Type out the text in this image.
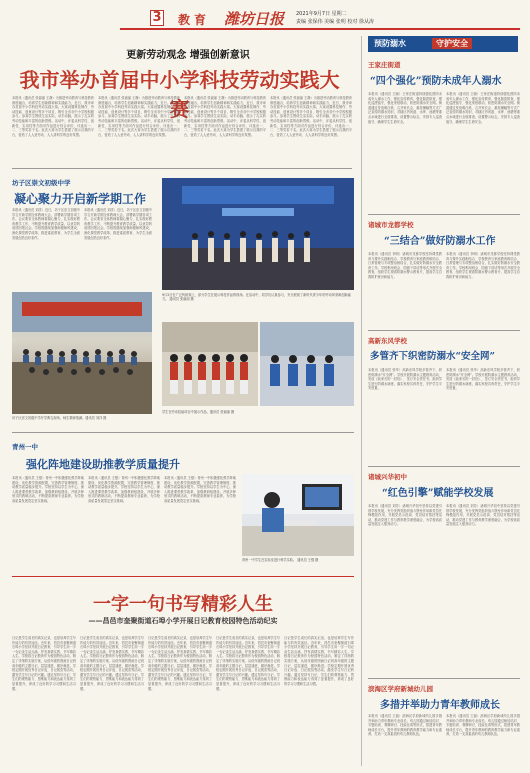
3 教育 潍坊日报 2021年9月7日 星期二
责编 张保伟 美编 张明 校对 徐从涛
更新劳动观念 增强创新意识
我市举办首届中小学科技劳动实践大赛
本报讯（通讯员 张丽丽 王静）为推进劳动教育与科技教育深度融合，培养学生创新精神和实践能力，近日，我市举办首届中小学科技劳动实践大赛。大赛设置科技制作、劳动技能、创意设计等多个项目，吸引全市各中小学校积极参与。参赛学生围绕生活实际，动手动脑，展示了扎实的劳动技能和丰富的创新思维。活动中，评委从科学性、创新性、实用性等方面对作品进行综合评价，评选出一、二、三等奖若干名。此次大赛为学生搭建了展示自我的平台，营造了人人爱劳动、人人讲科学的良好氛围。
本报讯（通讯员 张丽丽 王静）为推进劳动教育与科技教育深度融合，培养学生创新精神和实践能力，近日，我市举办首届中小学科技劳动实践大赛。大赛设置科技制作、劳动技能、创意设计等多个项目，吸引全市各中小学校积极参与。参赛学生围绕生活实际，动手动脑，展示了扎实的劳动技能和丰富的创新思维。活动中，评委从科学性、创新性、实用性等方面对作品进行综合评价，评选出一、二、三等奖若干名。此次大赛为学生搭建了展示自我的平台，营造了人人爱劳动、人人讲科学的良好氛围。
本报讯（通讯员 张丽丽 王静）为推进劳动教育与科技教育深度融合，培养学生创新精神和实践能力，近日，我市举办首届中小学科技劳动实践大赛。大赛设置科技制作、劳动技能、创意设计等多个项目，吸引全市各中小学校积极参与。参赛学生围绕生活实际，动手动脑，展示了扎实的劳动技能和丰富的创新思维。活动中，评委从科学性、创新性、实用性等方面对作品进行综合评价，评选出一、二、三等奖若干名。此次大赛为学生搭建了展示自我的平台，营造了人人爱劳动、人人讲科学的良好氛围。
本报讯（通讯员 张丽丽 王静）为推进劳动教育与科技教育深度融合，培养学生创新精神和实践能力，近日，我市举办首届中小学科技劳动实践大赛。大赛设置科技制作、劳动技能、创意设计等多个项目，吸引全市各中小学校积极参与。参赛学生围绕生活实际，动手动脑，展示了扎实的劳动技能和丰富的创新思维。活动中，评委从科学性、创新性、实用性等方面对作品进行综合评价，评选出一、二、三等奖若干名。此次大赛为学生搭建了展示自我的平台，营造了人人爱劳动、人人讲科学的良好氛围。
坊子区崇文初级中学
凝心聚力开启新学期工作
本报讯（通讯员 刘洋）近日，坊子区崇文初级中学召开新学期全体教师大会，部署新学期各项工作。会议要求全体教师要凝心聚力，扎实做好教育教学工作，不断提升教育教学质量，以优异的成绩回报社会。学校将继续加强师德师风建设，深化课堂教学改革，推进素质教育，为学生全面发展创造良好条件。
本报讯（通讯员 刘洋）近日，坊子区崇文初级中学召开新学期全体教师大会，部署新学期各项工作。会议要求全体教师要凝心聚力，扎实做好教育教学工作，不断提升教育教学质量，以优异的成绩回报社会。学校将继续加强师德师风建设，深化课堂教学改革，推进素质教育，为学生全面发展创造良好条件。
坊子区崇文初级中学开学典礼现场，师生精神饱满。通讯员 刘洋 摄
9月2日在广泛传统赛上，部分学生在展示科技作品的现场。在活动中，同学们认真参与，充分展现了新时代青少年的劳动风采和创新能力。 通讯员 张丽丽 摄
学生在劳动技能项目中展示作品。通讯员 张丽丽 摄
青州一中
强化阵地建设助推教学质量提升
本报讯（通讯员 王强）青州一中积极强化教学阵地建设，优化教学资源配置，完善教学管理制度，推动教学质量稳步提升。学校坚持以学生为中心，深入推进课堂教学改革，加强教研组建设，开展多种形式的教研活动，不断提高教师专业素养，为学校高质量发展奠定坚实基础。
本报讯（通讯员 王强）青州一中积极强化教学阵地建设，优化教学资源配置，完善教学管理制度，推动教学质量稳步提升。学校坚持以学生为中心，深入推进课堂教学改革，加强教研组建设，开展多种形式的教研活动，不断提高教师专业素养，为学校高质量发展奠定坚实基础。
本报讯（通讯员 王强）青州一中积极强化教学阵地建设，优化教学资源配置，完善教学管理制度，推动教学质量稳步提升。学校坚持以学生为中心，深入推进课堂教学改革，加强教研组建设，开展多种形式的教研活动，不断提高教师专业素养，为学校高质量发展奠定坚实基础。
青州一中学生在实验室进行科学实验。 通讯员 王强 摄
一字一句书写精彩人生
——昌邑市奎聚街道石埠小学开展日记教育校园特色活动纪实
日记是学生成长的真实记录，也是培养学生写作能力的有效途径。近年来，昌邑市奎聚街道石埠小学坚持开展日记教育，引导学生用一字一句记录生活点滴，抒发真情实感，书写精彩人生。学校将日记教育作为校园特色活动，制定了详细的实施方案，从低年级的图画日记到高年级的主题日记，层层递进，循序渐进。学校定期开展优秀日记评选、日记展览等活动，激发学生写日记的兴趣。通过坚持写日记，学生们的观察能力、思维能力和表达能力得到了显著提升，养成了良好的学习习惯和生活习惯。
日记是学生成长的真实记录，也是培养学生写作能力的有效途径。近年来，昌邑市奎聚街道石埠小学坚持开展日记教育，引导学生用一字一句记录生活点滴，抒发真情实感，书写精彩人生。学校将日记教育作为校园特色活动，制定了详细的实施方案，从低年级的图画日记到高年级的主题日记，层层递进，循序渐进。学校定期开展优秀日记评选、日记展览等活动，激发学生写日记的兴趣。通过坚持写日记，学生们的观察能力、思维能力和表达能力得到了显著提升，养成了良好的学习习惯和生活习惯。
日记是学生成长的真实记录，也是培养学生写作能力的有效途径。近年来，昌邑市奎聚街道石埠小学坚持开展日记教育，引导学生用一字一句记录生活点滴，抒发真情实感，书写精彩人生。学校将日记教育作为校园特色活动，制定了详细的实施方案，从低年级的图画日记到高年级的主题日记，层层递进，循序渐进。学校定期开展优秀日记评选、日记展览等活动，激发学生写日记的兴趣。通过坚持写日记，学生们的观察能力、思维能力和表达能力得到了显著提升，养成了良好的学习习惯和生活习惯。
日记是学生成长的真实记录，也是培养学生写作能力的有效途径。近年来，昌邑市奎聚街道石埠小学坚持开展日记教育，引导学生用一字一句记录生活点滴，抒发真情实感，书写精彩人生。学校将日记教育作为校园特色活动，制定了详细的实施方案，从低年级的图画日记到高年级的主题日记，层层递进，循序渐进。学校定期开展优秀日记评选、日记展览等活动，激发学生写日记的兴趣。通过坚持写日记，学生们的观察能力、思维能力和表达能力得到了显著提升，养成了良好的学习习惯和生活习惯。
日记是学生成长的真实记录，也是培养学生写作能力的有效途径。近年来，昌邑市奎聚街道石埠小学坚持开展日记教育，引导学生用一字一句记录生活点滴，抒发真情实感，书写精彩人生。学校将日记教育作为校园特色活动，制定了详细的实施方案，从低年级的图画日记到高年级的主题日记，层层递进，循序渐进。学校定期开展优秀日记评选、日记展览等活动，激发学生写日记的兴趣。通过坚持写日记，学生们的观察能力、思维能力和表达能力得到了显著提升，养成了良好的学习习惯和生活习惯。
预防溺水	守护安全
王家庄街道
“四个强化”预防未成年人溺水
本报讯（通讯员 王晓）王家庄街道持续强化预防未成年人溺水工作，强化宣传教育，强化隐患排查，强化巡逻值守，强化家校联动，织密防溺水安全网。街道通过发放明白纸、召开家长会、悬挂横幅等方式广泛宣传防溺水知识，对辖区内河道、水库、池塘等重点水域进行全面排查，设置警示标志，安排专人巡查值守，确保学生生命安全。
本报讯（通讯员 王晓）王家庄街道持续强化预防未成年人溺水工作，强化宣传教育，强化隐患排查，强化巡逻值守，强化家校联动，织密防溺水安全网。街道通过发放明白纸、召开家长会、悬挂横幅等方式广泛宣传防溺水知识，对辖区内河道、水库、池塘等重点水域进行全面排查，设置警示标志，安排专人巡查值守，确保学生生命安全。
诸城市龙都学校
“三结合”做好防溺水工作
本报讯（通讯员 李明）诸城市龙都学校坚持课堂教育与课外实践相结合、学校教育与家庭教育相结合、日常管理与专项整治相结合，扎实做好防溺水安全教育工作。学校利用班会、国旗下讲话等形式开展安全教育，组织学生观看防溺水警示教育片，提高学生自我防护意识和能力。
本报讯（通讯员 李明）诸城市龙都学校坚持课堂教育与课外实践相结合、学校教育与家庭教育相结合、日常管理与专项整治相结合，扎实做好防溺水安全教育工作。学校利用班会、国旗下讲话等形式开展安全教育，组织学生观看防溺水警示教育片，提高学生自我防护意识和能力。
高新东风学校
多管齐下织密防溺水“安全网”
本报讯（通讯员 张华）高新东风学校多管齐下，织密防溺水“安全网”。学校开展防溺水主题教育活动，发放《致家长的一封信》，签订安全责任书，组织学生进行防溺水演练，落实家校共育责任，守护学生平安度夏。
本报讯（通讯员 张华）高新东风学校多管齐下，织密防溺水“安全网”。学校开展防溺水主题教育活动，发放《致家长的一封信》，签订安全责任书，组织学生进行防溺水演练，落实家校共育责任，守护学生平安度夏。
诸城兴华初中
“红色引擎”赋能学校发展
本报讯（通讯员 刘芳）诸城兴华初中坚持以党建引领学校发展，充分发挥党组织战斗堡垒作用和党员先锋模范作用，开展党员示范岗、党员结对帮扶等活动，推动党建工作与教育教学深度融合，为学校高质量发展注入强劲动力。
本报讯（通讯员 刘芳）诸城兴华初中坚持以党建引领学校发展，充分发挥党组织战斗堡垒作用和党员先锋模范作用，开展党员示范岗、党员结对帮扶等活动，推动党建工作与教育教学深度融合，为学校高质量发展注入强劲动力。
滨海区学府新城幼儿园
多措并举助力青年教师成长
本报讯（通讯员 王丽）滨海区学府新城幼儿园多措并举助力青年教师专业成长。幼儿园通过师徒结对、专题培训、观摩研讨、技能比赛等形式，搭建青年教师成长平台，提升青年教师的教育教学能力和专业素养，打造一支高素质的幼儿教师队伍。
本报讯（通讯员 王丽）滨海区学府新城幼儿园多措并举助力青年教师专业成长。幼儿园通过师徒结对、专题培训、观摩研讨、技能比赛等形式，搭建青年教师成长平台，提升青年教师的教育教学能力和专业素养，打造一支高素质的幼儿教师队伍。
